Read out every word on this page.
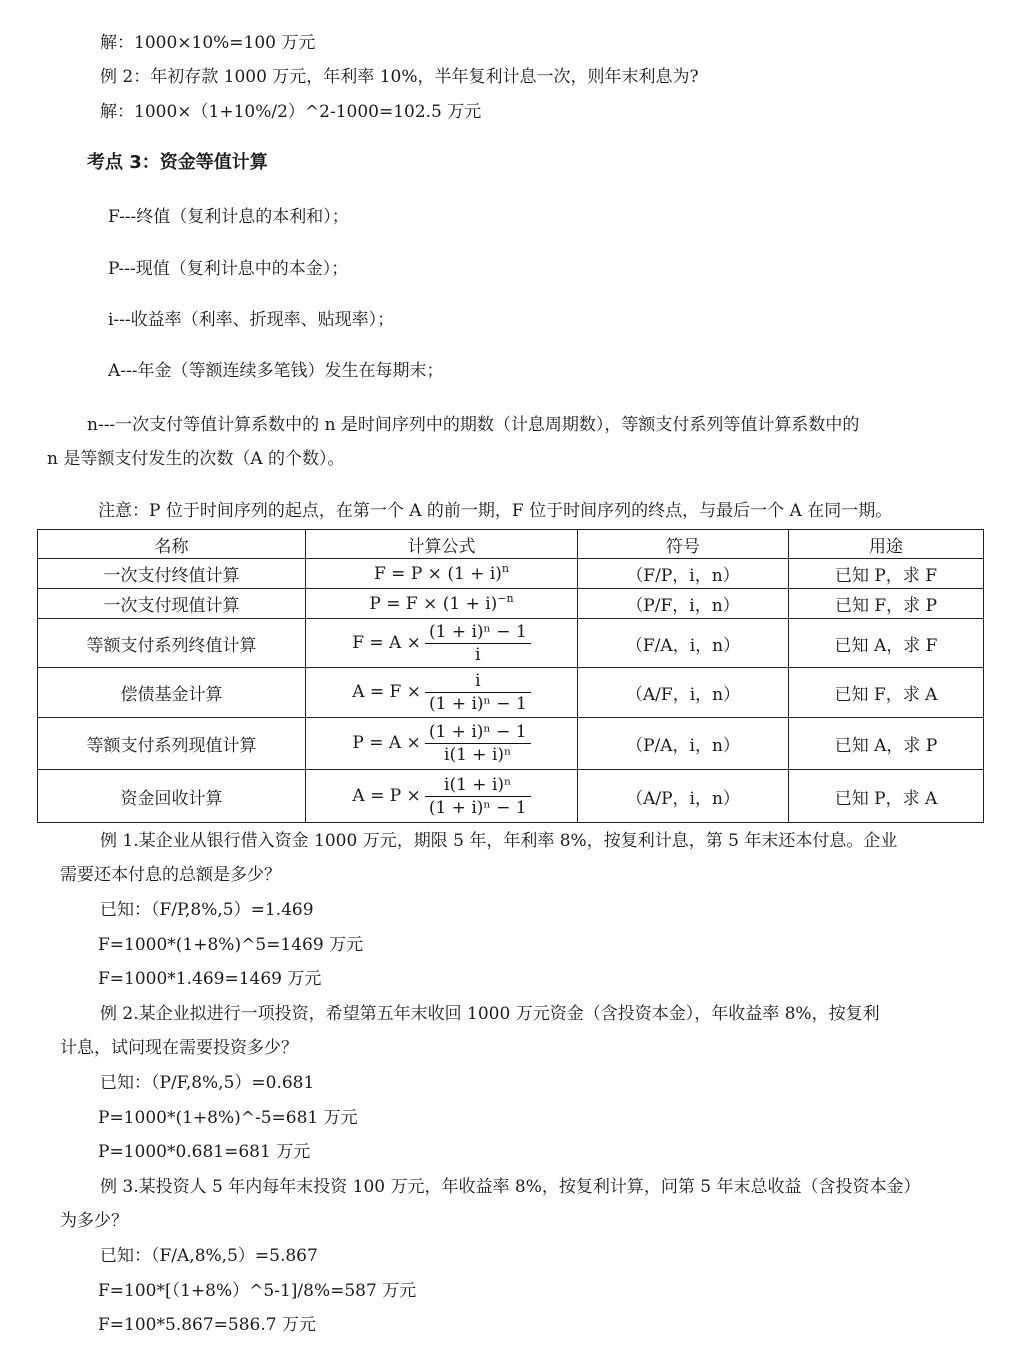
解：1000×10%=100 万元
例 2：年初存款 1000 万元，年利率 10%，半年复利计息一次，则年末利息为?
解：1000×（1+10%/2）^2-1000=102.5 万元
考点 3：资金等值计算
F---终值（复利计息的本利和）；
P---现值（复利计息中的本金）；
i---收益率（利率、折现率、贴现率）；
A---年金（等额连续多笔钱）发生在每期末；
n---一次支付等值计算系数中的 n 是时间序列中的期数（计息周期数），等额支付系列等值计算系数中的
n 是等额支付发生的次数（A 的个数）。
注意：P 位于时间序列的起点，在第一个 A 的前一期，F 位于时间序列的终点，与最后一个 A 在同一期。
名称	计算公式	符号	用途
一次支付终值计算	$F = P \times (1 + i)^n$	（F/P，i，n）	已知 P，求 F
一次支付现值计算	$P = F \times (1 + i)^{-n}$	（P/F，i，n）	已知 F，求 P
等额支付系列终值计算	$F = A \times \frac{\text{(1 + i)ⁿ − 1}}{i}$	（F/A，i，n）	已知 A，求 F
偿债基金计算	$A = F \times \frac{i}{\text{(1 + i)ⁿ − 1}}$	（A/F，i，n）	已知 F，求 A
等额支付系列现值计算	$P = A \times \frac{\text{(1 + i)ⁿ − 1}}{\text{i(1 + i)ⁿ}}$	（P/A，i，n）	已知 A，求 P
资金回收计算	$A = P \times \frac{\text{i(1 + i)ⁿ}}{\text{(1 + i)ⁿ − 1}}$	（A/P，i，n）	已知 P，求 A
例 1.某企业从银行借入资金 1000 万元，期限 5 年，年利率 8%，按复利计息，第 5 年末还本付息。企业
需要还本付息的总额是多少？
已知：（F/P,8%,5）=1.469
F=1000*(1+8%)^5=1469 万元
F=1000*1.469=1469 万元
例 2.某企业拟进行一项投资，希望第五年末收回 1000 万元资金（含投资本金），年收益率 8%，按复利
计息，试问现在需要投资多少？
已知：（P/F,8%,5）=0.681
P=1000*(1+8%)^-5=681 万元
P=1000*0.681=681 万元
例 3.某投资人 5 年内每年末投资 100 万元，年收益率 8%，按复利计算，问第 5 年末总收益（含投资本金）
为多少？
已知：（F/A,8%,5）=5.867
F=100*[（1+8%）^5-1]/8%=587 万元
F=100*5.867=586.7 万元
